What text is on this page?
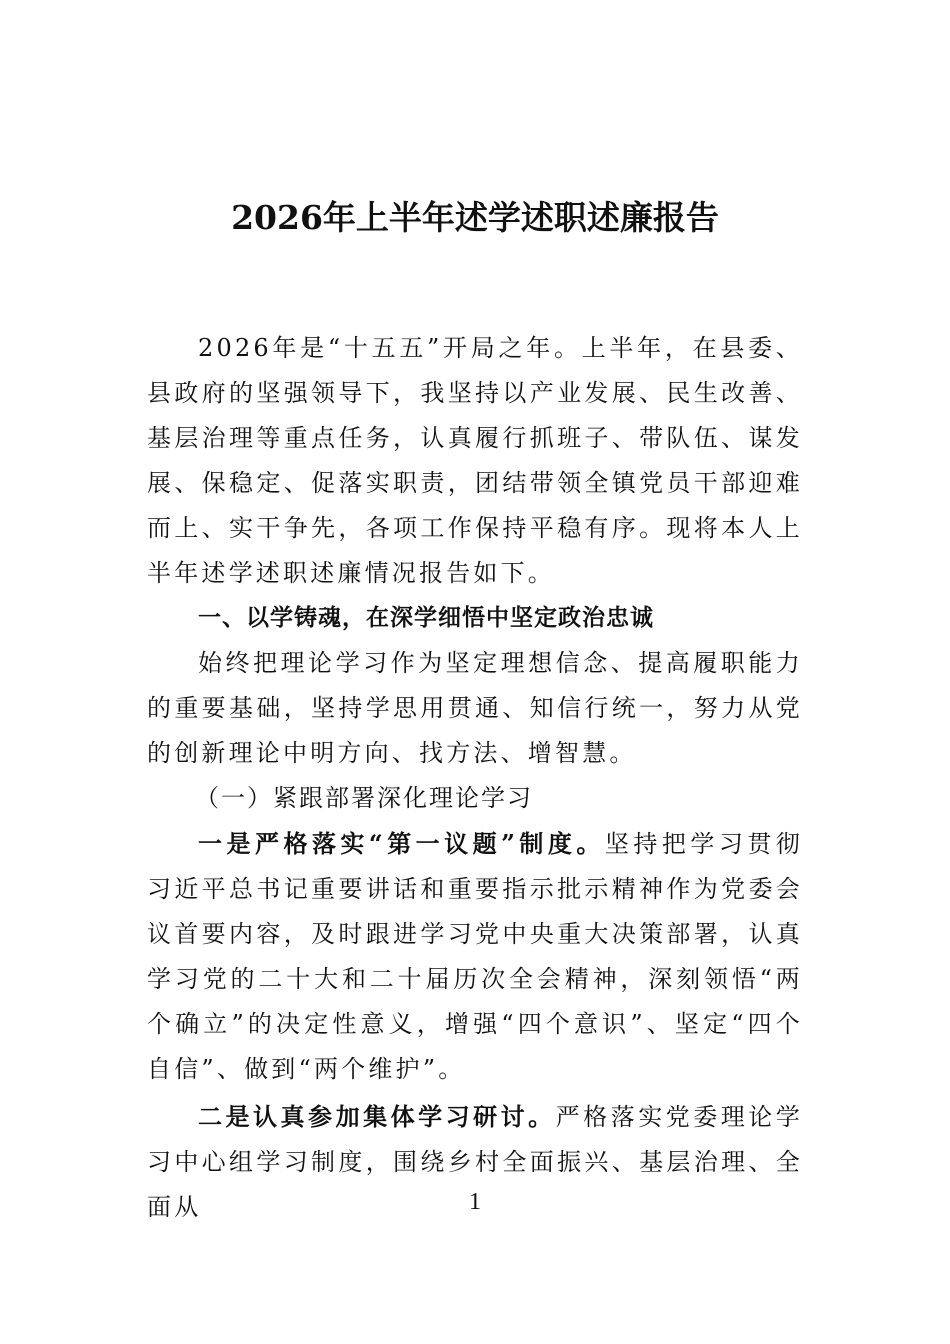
2026年上半年述学述职述廉报告

2026年是“十五五”开局之年。上半年，在县委、县政府的坚强领导下，我坚持以产业发展、民生改善、基层治理等重点任务，认真履行抓班子、带队伍、谋发展、保稳定、促落实职责，团结带领全镇党员干部迎难而上、实干争先，各项工作保持平稳有序。现将本人上半年述学述职述廉情况报告如下。

一、以学铸魂，在深学细悟中坚定政治忠诚

始终把理论学习作为坚定理想信念、提高履职能力的重要基础，坚持学思用贯通、知信行统一，努力从党的创新理论中明方向、找方法、增智慧。

（一）紧跟部署深化理论学习

一是严格落实“第一议题”制度。坚持把学习贯彻习近平总书记重要讲话和重要指示批示精神作为党委会议首要内容，及时跟进学习党中央重大决策部署，认真学习党的二十大和二十届历次全会精神，深刻领悟“两个确立”的决定性意义，增强“四个意识”、坚定“四个自信”、做到“两个维护”。

二是认真参加集体学习研讨。严格落实党委理论学习中心组学习制度，围绕乡村全面振兴、基层治理、全面从	1
